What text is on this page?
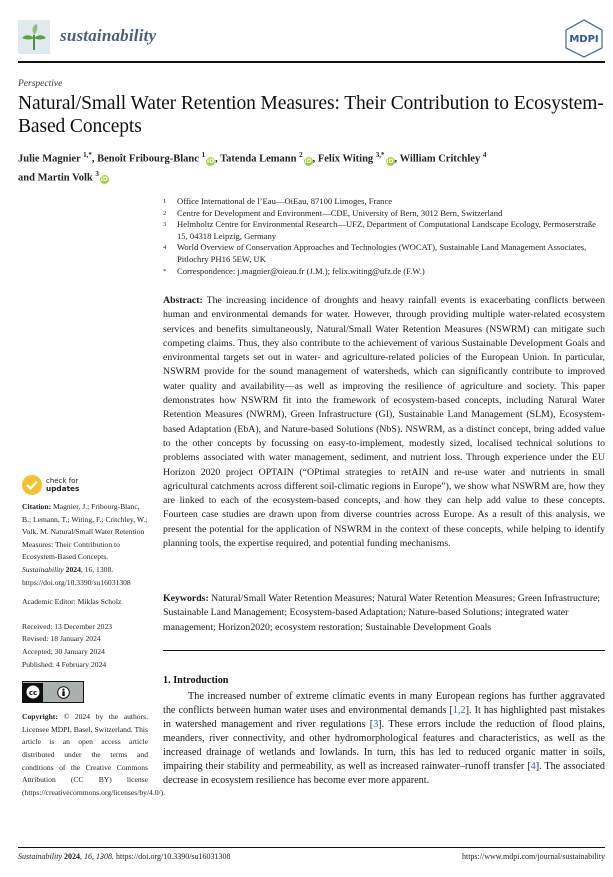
sustainability	MDPI
Perspective
Natural/Small Water Retention Measures: Their Contribution to Ecosystem-Based Concepts
Julie Magnier $^{1,*}$, Benoît Fribourg-Blanc $^1$iD, Tatenda Lemann $^2$iD, Felix Witing $^{3,*}$iD, William Critchley $^4$
and Martin Volk $^3$iD
1	Office International de l’Eau—OiEau, 87100 Limoges, France
2	Centre for Development and Environment—CDE, University of Bern, 3012 Bern, Switzerland
3	Helmholtz Centre for Environmental Research—UFZ, Department of Computational Landscape Ecology, Permoserstraße 15, 04318 Leipzig, Germany
4	World Overview of Conservation Approaches and Technologies (WOCAT), Sustainable Land Management Associates, Pitlochry PH16 5EW, UK
*	Correspondence: j.magnier@oieau.fr (J.M.); felix.witing@ufz.de (F.W.)
Abstract: The increasing incidence of droughts and heavy rainfall events is exacerbating conflicts between human and environmental demands for water. However, through providing multiple water-related ecosystem services and benefits simultaneously, Natural/Small Water Retention Measures (NSWRM) can mitigate such competing claims. Thus, they also contribute to the achievement of various Sustainable Development Goals and environmental targets set out in water- and agriculture-related policies of the European Union. In particular, NSWRM provide for the sound management of watersheds, which can significantly contribute to improved water quality and availability—as well as improving the resilience of agriculture and society. This paper demonstrates how NSWRM fit into the framework of ecosystem-based concepts, including Natural Water Retention Measures (NWRM), Green Infrastructure (GI), Sustainable Land Management (SLM), Ecosystem-based Adaptation (EbA), and Nature-based Solutions (NbS). NSWRM, as a distinct concept, bring added value to the other concepts by focussing on easy-to-implement, modestly sized, localised technical solutions to problems associated with water management, sediment, and nutrient loss. Through experience under the EU Horizon 2020 project OPTAIN (“OPtimal strategies to retAIN and re-use water and nutrients in small agricultural catchments across different soil-climatic regions in Europe”), we show what NSWRM are, how they are linked to each of the ecosystem-based concepts, and how they can help add value to these concepts. Fourteen case studies are drawn upon from diverse countries across Europe. As a result of this analysis, we present the potential for the application of NSWRM in the context of these concepts, while helping to identify planning tools, the expertise required, and potential funding mechanisms.
Keywords: Natural/Small Water Retention Measures; Natural Water Retention Measures; Green Infrastructure; Sustainable Land Management; Ecosystem-based Adaptation; Nature-based Solutions; integrated water management; Horizon2020; ecosystem restoration; Sustainable Development Goals
1. Introduction
The increased number of extreme climatic events in many European regions has further aggravated the conflicts between human water uses and environmental demands [1,2]. It has highlighted past mistakes in watershed management and river regulations [3]. These errors include the reduction of flood plains, meanders, river connectivity, and other hydromorphological features and characteristics, as well as the increased drainage of wetlands and lowlands. In turn, this has led to reduced organic matter in soils, impairing their stability and permeability, as well as increased rainwater–runoff transfer [4]. The associated decrease in ecosystem resilience has become ever more apparent.
check for
updates
Citation: Magnier, J.; Fribourg-Blanc, B.; Lemann, T.; Witing, F.; Critchley, W.; Volk, M. Natural/Small Water Retention Measures: Their Contribution to Ecosystem-Based Concepts. Sustainability 2024, 16, 1308. https://doi.org/10.3390/su16031308
Academic Editor: Miklas Scholz
Received: 13 December 2023
Revised: 18 January 2024
Accepted: 30 January 2024
Published: 4 February 2024
cc
Copyright: © 2024 by the authors. Licensee MDPI, Basel, Switzerland. This article is an open access article distributed under the terms and conditions of the Creative Commons Attribution (CC BY) license (https://creativecommons.org/licenses/by/4.0/).
Sustainability 2024, 16, 1308. https://doi.org/10.3390/su16031308	https://www.mdpi.com/journal/sustainability
